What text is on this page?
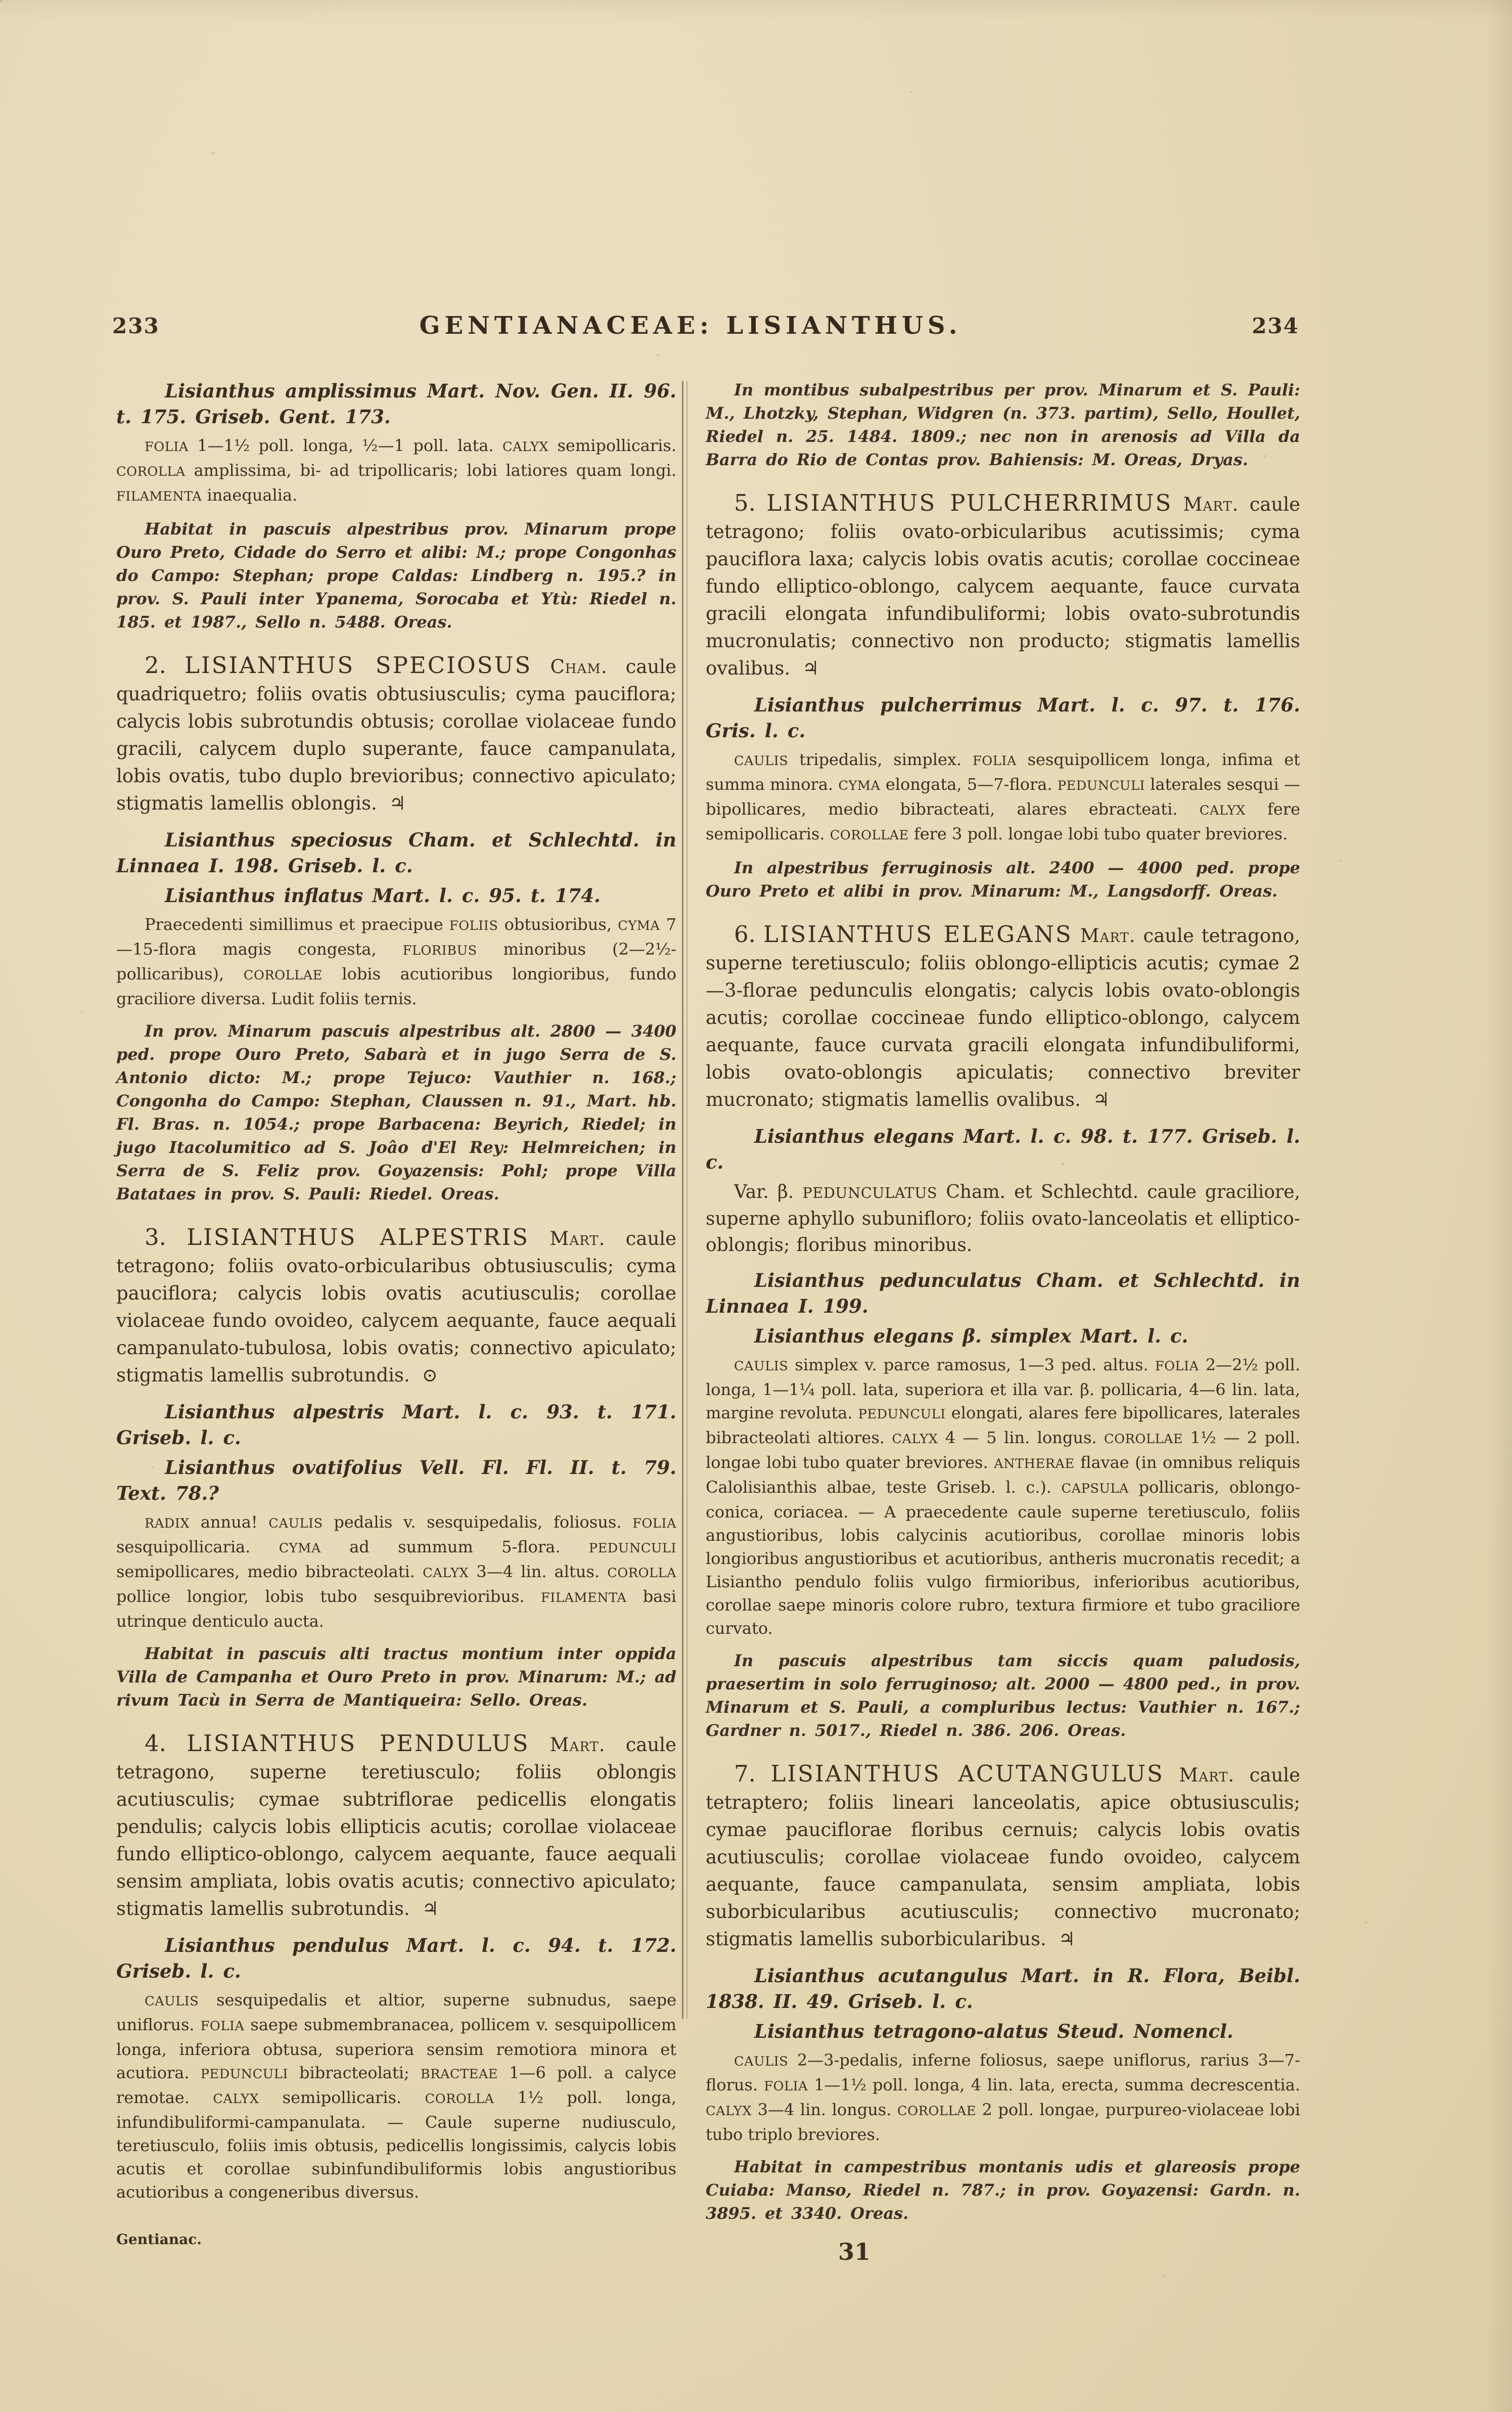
233	GENTIANACEAE: LISIANTHUS.	234

Lisianthus amplissimus Mart. Nov. Gen. II. 96. t. 175. Griseb. Gent. 173.

FOLIA 1—1½ poll. longa, ½—1 poll. lata. CALYX semipollicaris. COROLLA amplissima, bi- ad tripollicaris; lobi latiores quam longi. FILAMENTA inaequalia.

Habitat in pascuis alpestribus prov. Minarum prope Ouro Preto, Cidade do Serro et alibi: M.; prope Congonhas do Campo: Stephan; prope Caldas: Lindberg n. 195.? in prov. S. Pauli inter Ypanema, Sorocaba et Ytù: Riedel n. 185. et 1987., Sello n. 5488. Oreas.

2. LISIANTHUS SPECIOSUS Cham. caule quadriquetro; foliis ovatis obtusiusculis; cyma pauciflora; calycis lobis subrotundis obtusis; corollae violaceae fundo gracili, calycem duplo superante, fauce campanulata, lobis ovatis, tubo duplo brevioribus; connectivo apiculato; stigmatis lamellis oblongis. ♃

Lisianthus speciosus Cham. et Schlechtd. in Linnaea I. 198. Griseb. l. c.

Lisianthus inflatus Mart. l. c. 95. t. 174.

Praecedenti simillimus et praecipue FOLIIS obtusioribus, CYMA 7—15-flora magis congesta, FLORIBUS minoribus (2—2½-pollicaribus), COROLLAE lobis acutioribus longioribus, fundo graciliore diversa. Ludit foliis ternis.

In prov. Minarum pascuis alpestribus alt. 2800 — 3400 ped. prope Ouro Preto, Sabarà et in jugo Serra de S. Antonio dicto: M.; prope Tejuco: Vauthier n. 168.; Congonha do Campo: Stephan, Claussen n. 91., Mart. hb. Fl. Bras. n. 1054.; prope Barbacena: Beyrich, Riedel; in jugo Itacolumitico ad S. Joâo d'El Rey: Helmreichen; in Serra de S. Feliz prov. Goyazensis: Pohl; prope Villa Batataes in prov. S. Pauli: Riedel. Oreas.

3. LISIANTHUS ALPESTRIS Mart. caule tetragono; foliis ovato-orbicularibus obtusiusculis; cyma pauciflora; calycis lobis ovatis acutiusculis; corollae violaceae fundo ovoideo, calycem aequante, fauce aequali campanulato-tubulosa, lobis ovatis; connectivo apiculato; stigmatis lamellis subrotundis. ⊙

Lisianthus alpestris Mart. l. c. 93. t. 171. Griseb. l. c.

Lisianthus ovatifolius Vell. Fl. Fl. II. t. 79. Text. 78.?

RADIX annua! CAULIS pedalis v. sesquipedalis, foliosus. FOLIA sesquipollicaria. CYMA ad summum 5-flora. PEDUNCULI semipollicares, medio bibracteolati. CALYX 3—4 lin. altus. COROLLA pollice longior, lobis tubo sesquibrevioribus. FILAMENTA basi utrinque denticulo aucta.

Habitat in pascuis alti tractus montium inter oppida Villa de Campanha et Ouro Preto in prov. Minarum: M.; ad rivum Tacù in Serra de Mantiqueira: Sello. Oreas.

4. LISIANTHUS PENDULUS Mart. caule tetragono, superne teretiusculo; foliis oblongis acutiusculis; cymae subtriflorae pedicellis elongatis pendulis; calycis lobis ellipticis acutis; corollae violaceae fundo elliptico-oblongo, calycem aequante, fauce aequali sensim ampliata, lobis ovatis acutis; connectivo apiculato; stigmatis lamellis subrotundis. ♃

Lisianthus pendulus Mart. l. c. 94. t. 172. Griseb. l. c.

CAULIS sesquipedalis et altior, superne subnudus, saepe uniflorus. FOLIA saepe submembranacea, pollicem v. sesquipollicem longa, inferiora obtusa, superiora sensim remotiora minora et acutiora. PEDUNCULI bibracteolati; BRACTEAE 1—6 poll. a calyce remotae. CALYX semipollicaris. COROLLA 1½ poll. longa, infundibuliformi-campanulata. — Caule superne nudiusculo, teretiusculo, foliis imis obtusis, pedicellis longissimis, calycis lobis acutis et corollae subinfundibuliformis lobis angustioribus acutioribus a congeneribus diversus.

Gentianac.

In montibus subalpestribus per prov. Minarum et S. Pauli: M., Lhotzky, Stephan, Widgren (n. 373. partim), Sello, Houllet, Riedel n. 25. 1484. 1809.; nec non in arenosis ad Villa da Barra do Rio de Contas prov. Bahiensis: M. Oreas, Dryas.

5. LISIANTHUS PULCHERRIMUS Mart. caule tetragono; foliis ovato-orbicularibus acutissimis; cyma pauciflora laxa; calycis lobis ovatis acutis; corollae coccineae fundo elliptico-oblongo, calycem aequante, fauce curvata gracili elongata infundibuliformi; lobis ovato-subrotundis mucronulatis; connectivo non producto; stigmatis lamellis ovalibus. ♃

Lisianthus pulcherrimus Mart. l. c. 97. t. 176. Gris. l. c.

CAULIS tripedalis, simplex. FOLIA sesquipollicem longa, infima et summa minora. CYMA elongata, 5—7-flora. PEDUNCULI laterales sesqui — bipollicares, medio bibracteati, alares ebracteati. CALYX fere semipollicaris. COROLLAE fere 3 poll. longae lobi tubo quater breviores.

In alpestribus ferruginosis alt. 2400 — 4000 ped. prope Ouro Preto et alibi in prov. Minarum: M., Langsdorff. Oreas.

6. LISIANTHUS ELEGANS Mart. caule tetragono, superne teretiusculo; foliis oblongo-ellipticis acutis; cymae 2—3-florae pedunculis elongatis; calycis lobis ovato-oblongis acutis; corollae coccineae fundo elliptico-oblongo, calycem aequante, fauce curvata gracili elongata infundibuliformi, lobis ovato-oblongis apiculatis; connectivo breviter mucronato; stigmatis lamellis ovalibus. ♃

Lisianthus elegans Mart. l. c. 98. t. 177. Griseb. l. c.

Var. β. PEDUNCULATUS Cham. et Schlechtd. caule graciliore, superne aphyllo subunifloro; foliis ovato-lanceolatis et elliptico-oblongis; floribus minoribus.

Lisianthus pedunculatus Cham. et Schlechtd. in Linnaea I. 199.

Lisianthus elegans β. simplex Mart. l. c.

CAULIS simplex v. parce ramosus, 1—3 ped. altus. FOLIA 2—2½ poll. longa, 1—1¼ poll. lata, superiora et illa var. β. pollicaria, 4—6 lin. lata, margine revoluta. PEDUNCULI elongati, alares fere bipollicares, laterales bibracteolati altiores. CALYX 4 — 5 lin. longus. COROLLAE 1½ — 2 poll. longae lobi tubo quater breviores. ANTHERAE flavae (in omnibus reliquis Calolisianthis albae, teste Griseb. l. c.). CAPSULA pollicaris, oblongo-conica, coriacea. — A praecedente caule superne teretiusculo, foliis angustioribus, lobis calycinis acutioribus, corollae minoris lobis longioribus angustioribus et acutioribus, antheris mucronatis recedit; a Lisiantho pendulo foliis vulgo firmioribus, inferioribus acutioribus, corollae saepe minoris colore rubro, textura firmiore et tubo graciliore curvato.

In pascuis alpestribus tam siccis quam paludosis, praesertim in solo ferruginoso; alt. 2000 — 4800 ped., in prov. Minarum et S. Pauli, a compluribus lectus: Vauthier n. 167.; Gardner n. 5017., Riedel n. 386. 206. Oreas.

7. LISIANTHUS ACUTANGULUS Mart. caule tetraptero; foliis lineari lanceolatis, apice obtusiusculis; cymae pauciflorae floribus cernuis; calycis lobis ovatis acutiusculis; corollae violaceae fundo ovoideo, calycem aequante, fauce campanulata, sensim ampliata, lobis suborbicularibus acutiusculis; connectivo mucronato; stigmatis lamellis suborbicularibus. ♃

Lisianthus acutangulus Mart. in R. Flora, Beibl. 1838. II. 49. Griseb. l. c.

Lisianthus tetragono-alatus Steud. Nomencl.

CAULIS 2—3-pedalis, inferne foliosus, saepe uniflorus, rarius 3—7-florus. FOLIA 1—1½ poll. longa, 4 lin. lata, erecta, summa decrescentia. CALYX 3—4 lin. longus. COROLLAE 2 poll. longae, purpureo-violaceae lobi tubo triplo breviores.

Habitat in campestribus montanis udis et glareosis prope Cuiaba: Manso, Riedel n. 787.; in prov. Goyazensi: Gardn. n. 3895. et 3340. Oreas.

31
